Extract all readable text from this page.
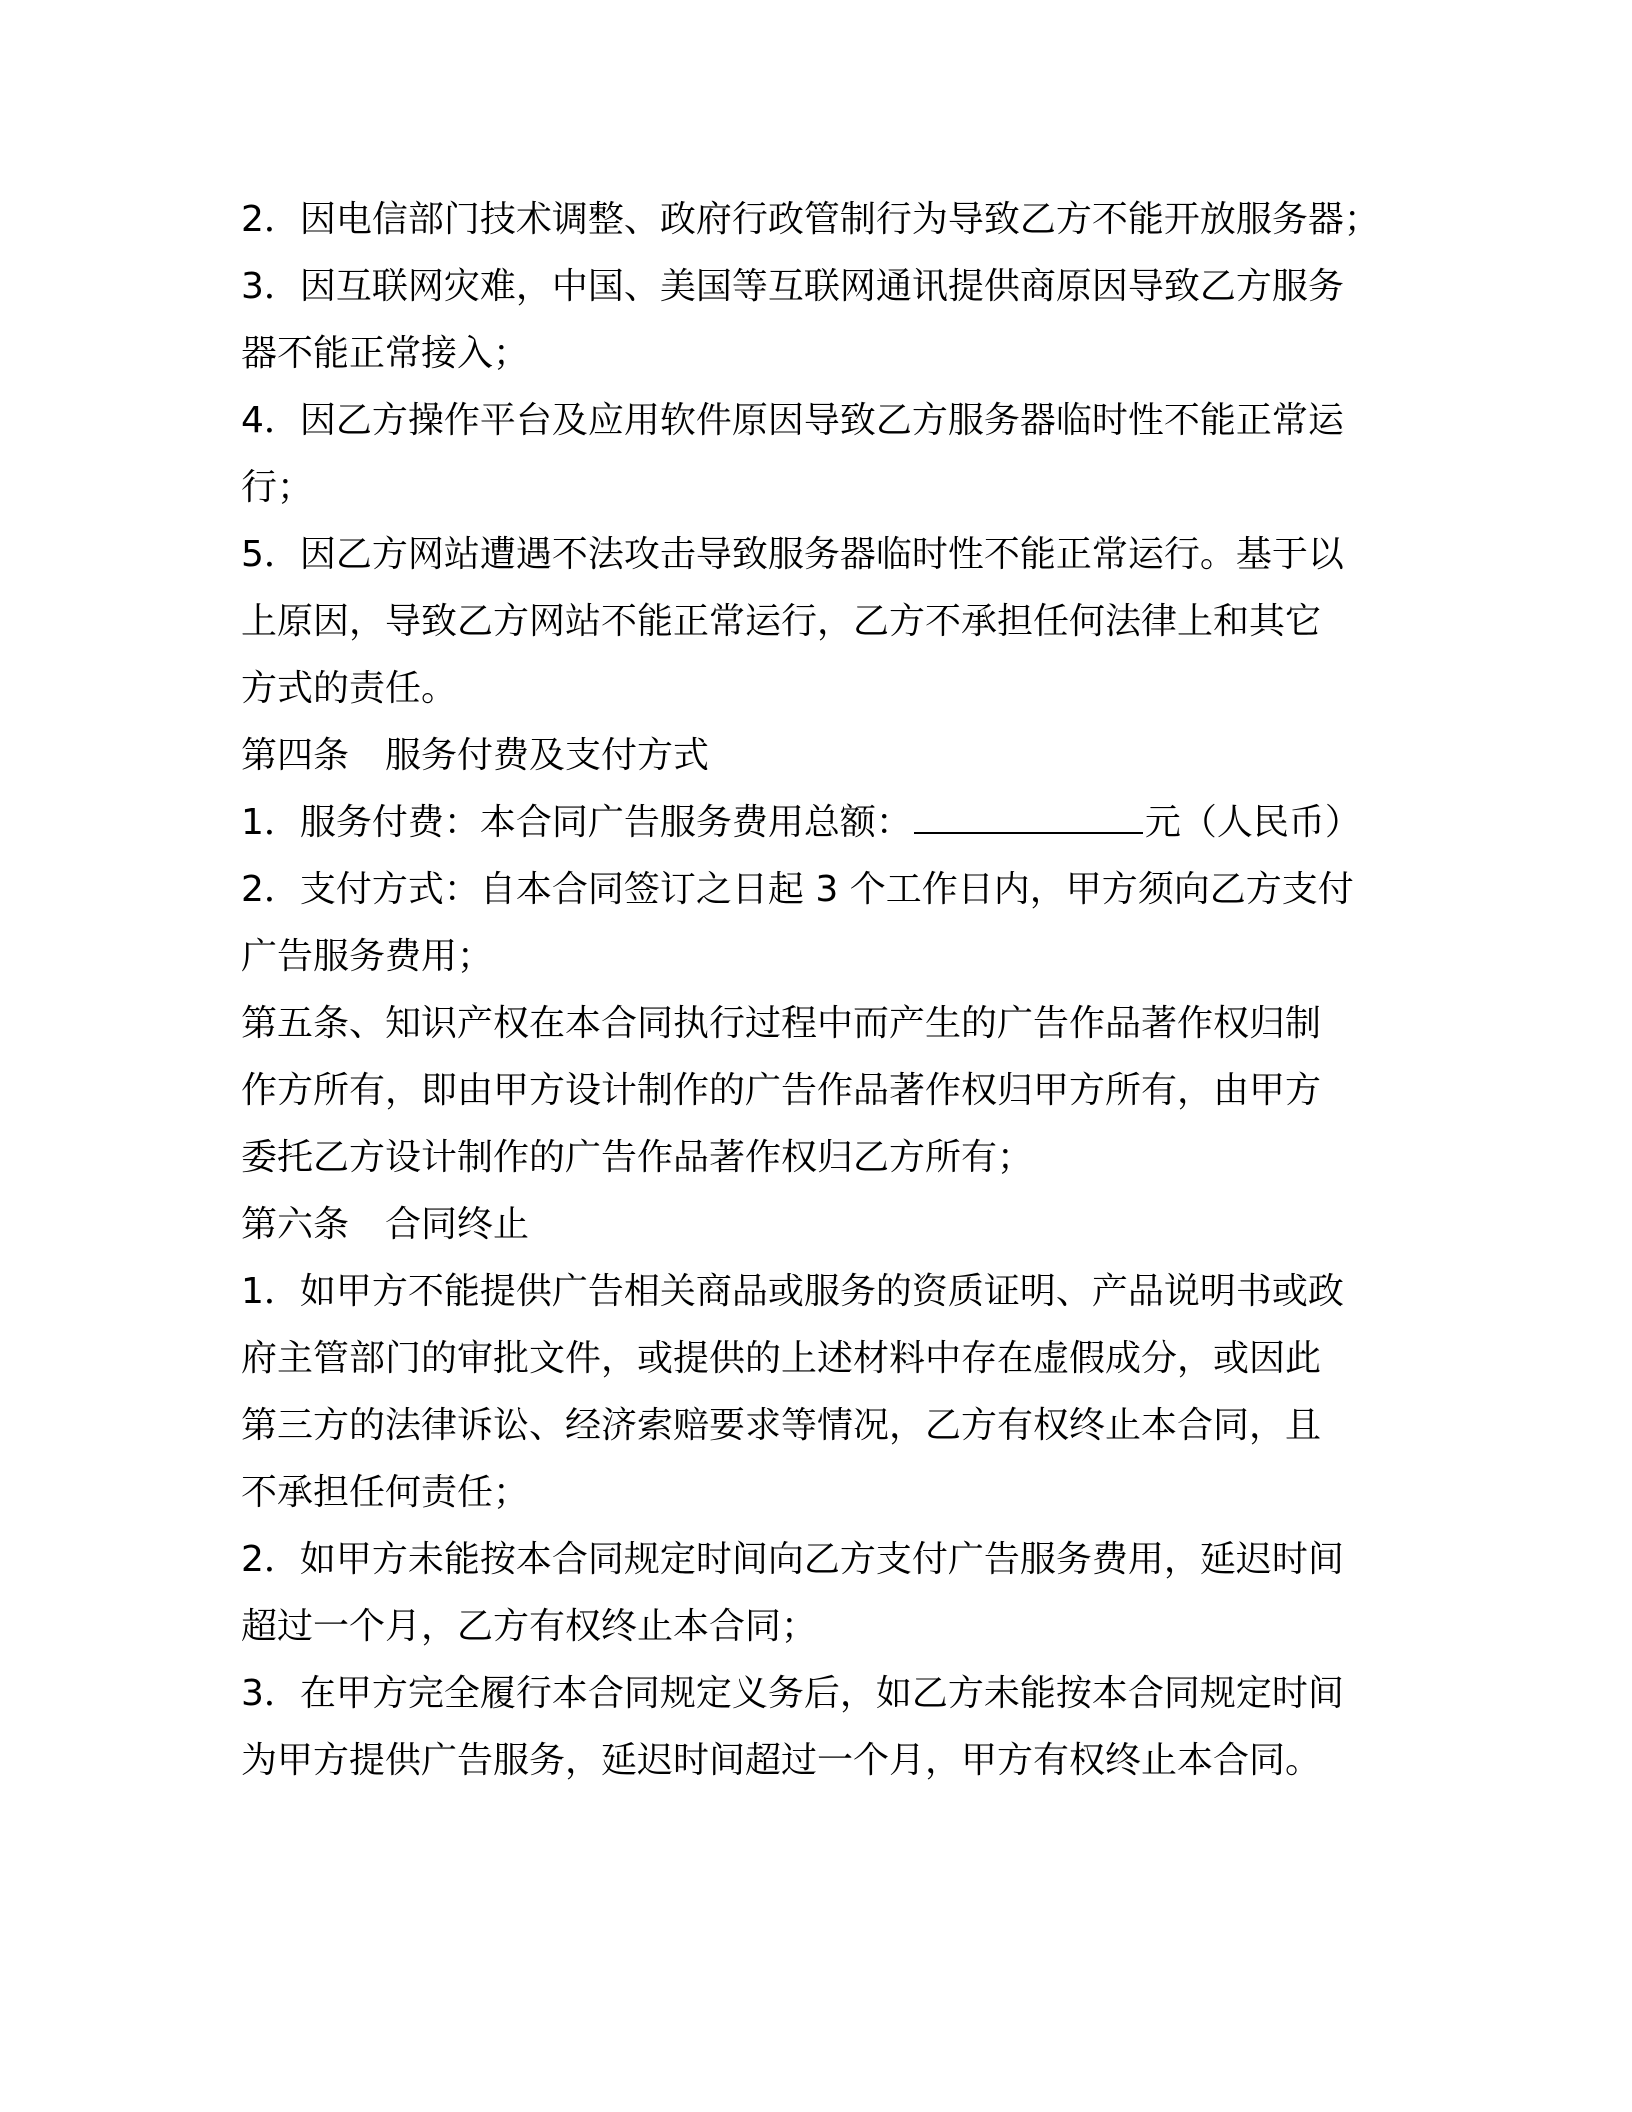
2．因电信部门技术调整、政府行政管制行为导致乙方不能开放服务器；
3．因互联网灾难，中国、美国等互联网通讯提供商原因导致乙方服务
器不能正常接入；
4．因乙方操作平台及应用软件原因导致乙方服务器临时性不能正常运
行；
5．因乙方网站遭遇不法攻击导致服务器临时性不能正常运行。基于以
上原因，导致乙方网站不能正常运行，乙方不承担任何法律上和其它
方式的责任。
第四条 服务付费及支付方式
1．服务付费：本合同广告服务费用总额：	元（人民币）
2．支付方式：自本合同签订之日起 3 个工作日内，甲方须向乙方支付
广告服务费用；
第五条、知识产权在本合同执行过程中而产生的广告作品著作权归制
作方所有，即由甲方设计制作的广告作品著作权归甲方所有，由甲方
委托乙方设计制作的广告作品著作权归乙方所有；
第六条 合同终止
1．如甲方不能提供广告相关商品或服务的资质证明、产品说明书或政
府主管部门的审批文件，或提供的上述材料中存在虚假成分，或因此
第三方的法律诉讼、经济索赔要求等情况，乙方有权终止本合同，且
不承担任何责任；
2．如甲方未能按本合同规定时间向乙方支付广告服务费用，延迟时间
超过一个月，乙方有权终止本合同；
3．在甲方完全履行本合同规定义务后，如乙方未能按本合同规定时间
为甲方提供广告服务，延迟时间超过一个月，甲方有权终止本合同。
